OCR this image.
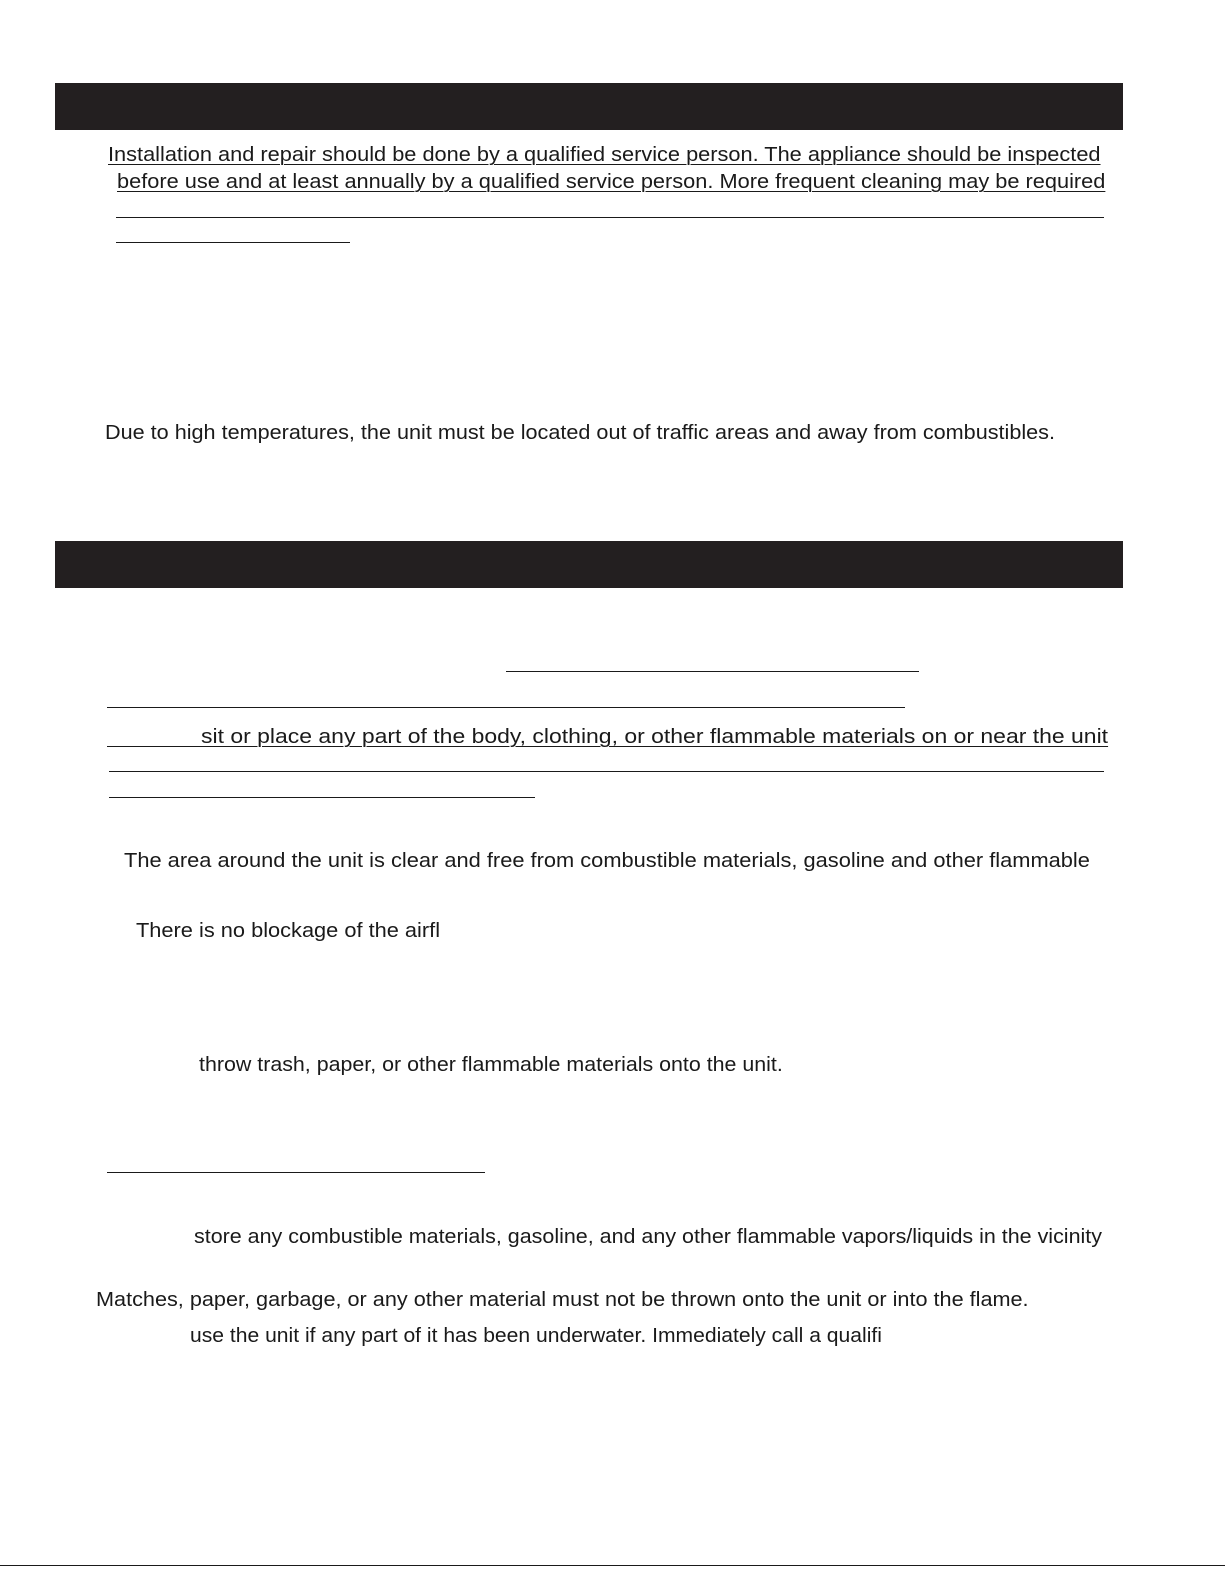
Installation and repair should be done by a qualified service person. The appliance should be inspected
before use and at least annually by a qualified service person. More frequent cleaning may be required
Due to high temperatures, the unit must be located out of traffic areas and away from combustibles.
sit or place any part of the body, clothing, or other flammable materials on or near the unit
The area around the unit is clear and free from combustible materials, gasoline and other flammable
There is no blockage of the airfl
throw trash, paper, or other flammable materials onto the unit.
store any combustible materials, gasoline, and any other flammable vapors/liquids in the vicinity
Matches, paper, garbage, or any other material must not be thrown onto the unit or into the flame.
use the unit if any part of it has been underwater. Immediately call a qualifi
